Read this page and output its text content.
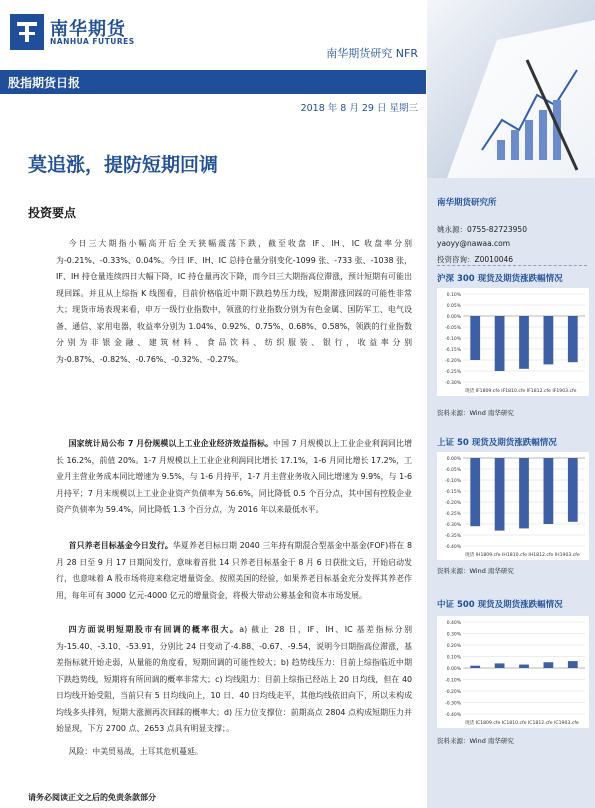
南华期货
NANHUA FUTURES
南华期货研究 NFR
股指期货日报
2018 年 8 月 29 日 星期三
莫追涨，提防短期回调
投资要点

今日三大期指小幅高开后全天狭幅震荡下跌，截至收盘 IF、IH、IC 收盘率分别为-0.21%、-0.33%、0.04%。今日 IF、IH、IC 总持仓量分别变化-1099 张、-733 张、-1038 张，IF、IH 持仓量连续四日大幅下降，IC 持仓量再次下降，而今日三大期指高位滞涨，预计短期有可能出现回踩。并且从上综指 K 线图看，目前价格临近中期下跌趋势压力线，短期滞涨回踩的可能性非常大；现货市场表现来看，申万一级行业指数中，领涨的行业指数分别为有色金属、国防军工、电气设备、通信、家用电器，收益率分别为 1.04%、0.92%、0.75%、0.68%、0.58%，领跌的行业指数分别为非银金融、建筑材料、食品饮料、纺织服装、银行，收益率分别为-0.87%、-0.82%、-0.76%、-0.32%、-0.27%。

国家统计局公布 7 月份规模以上工业企业经济效益指标。中国 7 月规模以上工业企业利润同比增长 16.2%，前值 20%。1-7 月规模以上工业企业利润同比增长 17.1%，1-6 月同比增长 17.2%，工业月主营业务成本同比增速为 9.5%，与 1-6 月持平，1-7 月主营业务收入同比增速为 9.9%，与 1-6 月持平；7 月末规模以上工业企业资产负债率为 56.6%，同比降低 0.5 个百分点，其中国有控股企业资产负债率为 59.4%，同比降低 1.3 个百分点，为 2016 年以来最低水平。

首只养老目标基金今日发行。华夏养老目标日期 2040 三年持有期混合型基金中基金(FOF)将在 8 月 28 日至 9 月 17 日期间发行，意味着首批 14 只养老目标基金于 8 月 6 日获批文后，开始启动发行，也意味着 A 股市场将迎来稳定增量资金。按照美国的经验，如果养老目标基金充分发挥其养老作用，每年可有 3000 亿元-4000 亿元的增量资金，将极大带动公募基金和资本市场发展。

四方面说明短期股市有回调的概率很大。a) 截止 28 日，IF、IH、IC 基差指标分别为-15.40、-3.10、-53.91，分别比 24 日变动了-4.88、-0.67、-9.54，说明今日期指高位滞涨，基差指标就开始走弱，从量能的角度看，短期回调的可能性较大；b) 趋势线压力：目前上综指临近中期下跌趋势线，短期将有所回调的概率非常大；c) 均线阻力：目前上综指已经站上 20 日均线，但在 40 日均线开始受阻，当前只有 5 日均线向上，10 日、40 日均线走平，其他均线依旧向下，所以未构成均线多头排列，短期大涨测再次回踩的概率大；d) 压力位支撑位：前期高点 2804 点构成短期压力并始显现，下方 2700 点、2653 点具有明显支撑；。

风险：中美贸易战，土耳其危机蔓延。

请务必阅读正文之后的免责条款部分
南华期货研究所
姚永源：0755-82723950
yaoyy@nawaa.com
投资咨询：Z0010046
沪深 300 现货及期货涨跌幅情况
0.10%
0.05%
0.00%
-0.05%
-0.10%
-0.15%
-0.20%
-0.25%
-0.30%
现货 IF1809.cfe IF1810.cfe IF1812.cfe IF1903.cfe
资料来源：Wind 南华研究
上证 50 现货及期货涨跌幅情况
0.00%
-0.05%
-0.10%
-0.15%
-0.20%
-0.25%
-0.30%
-0.35%
-0.40%
现货 IH1809.cfe IH1810.cfe IH1812.cfe IH1903.cfe
资料来源：Wind 南华研究
中证 500 现货及期货涨跌幅情况
0.40%
0.30%
0.20%
0.10%
0.00%
-0.10%
-0.20%
-0.30%
-0.40%
现货 IC1809.cfe IC1810.cfe IC1812.cfe IC1903.cfe
资料来源：Wind 南华研究
